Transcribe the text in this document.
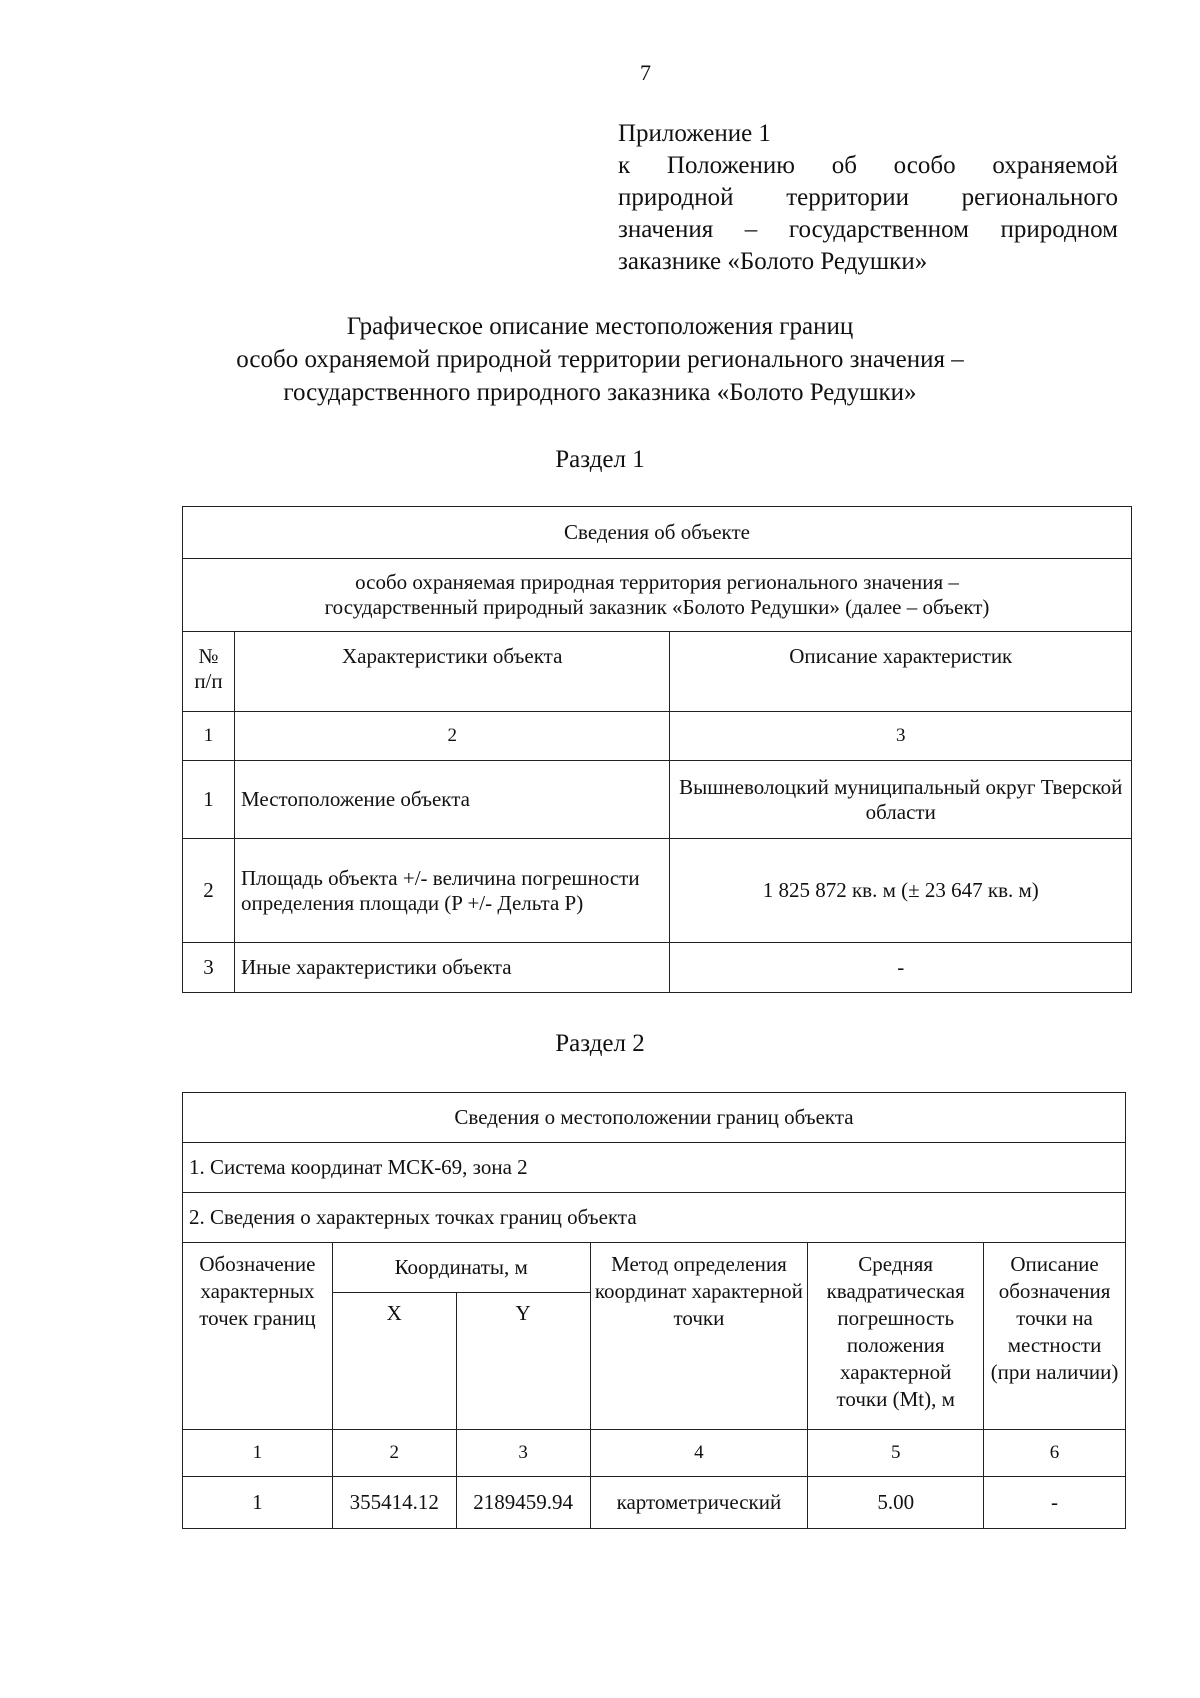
7
Приложение 1
к Положению об особо охраняемой
природной территории регионального
значения – государственном природном
заказнике «Болото Редушки»
Графическое описание местоположения границ
особо охраняемой природной территории регионального значения –
государственного природного заказника «Болото Редушки»
Раздел 1
Сведения об объекте		

особо охраняемая природная территория регионального значения –
государственный природный заказник «Болото Редушки» (далее – объект)		

№ п/п	Характеристики объекта	Описание характеристик
1	2	3
1	Местоположение объекта	Вышневолоцкий муниципальный округ Тверской области
2	Площадь объекта +/- величина погрешности определения площади (P +/- Дельта P)	1 825 872 кв. м (± 23 647 кв. м)
3	Иные характеристики объекта	-
Раздел 2
Сведения о местоположении границ объекта					
1. Система координат МСК-69, зона 2					
2. Сведения о характерных точках границ объекта					
Обозначение характерных точек границ	Координаты, м		Метод определения координат характерной точки	Средняя квадратическая погрешность положения характерной точки (Mt), м	Описание обозначения точки на местности (при наличии)
	X	Y			
1	2	3	4	5	6
1	355414.12	2189459.94	картометрический	5.00	-
